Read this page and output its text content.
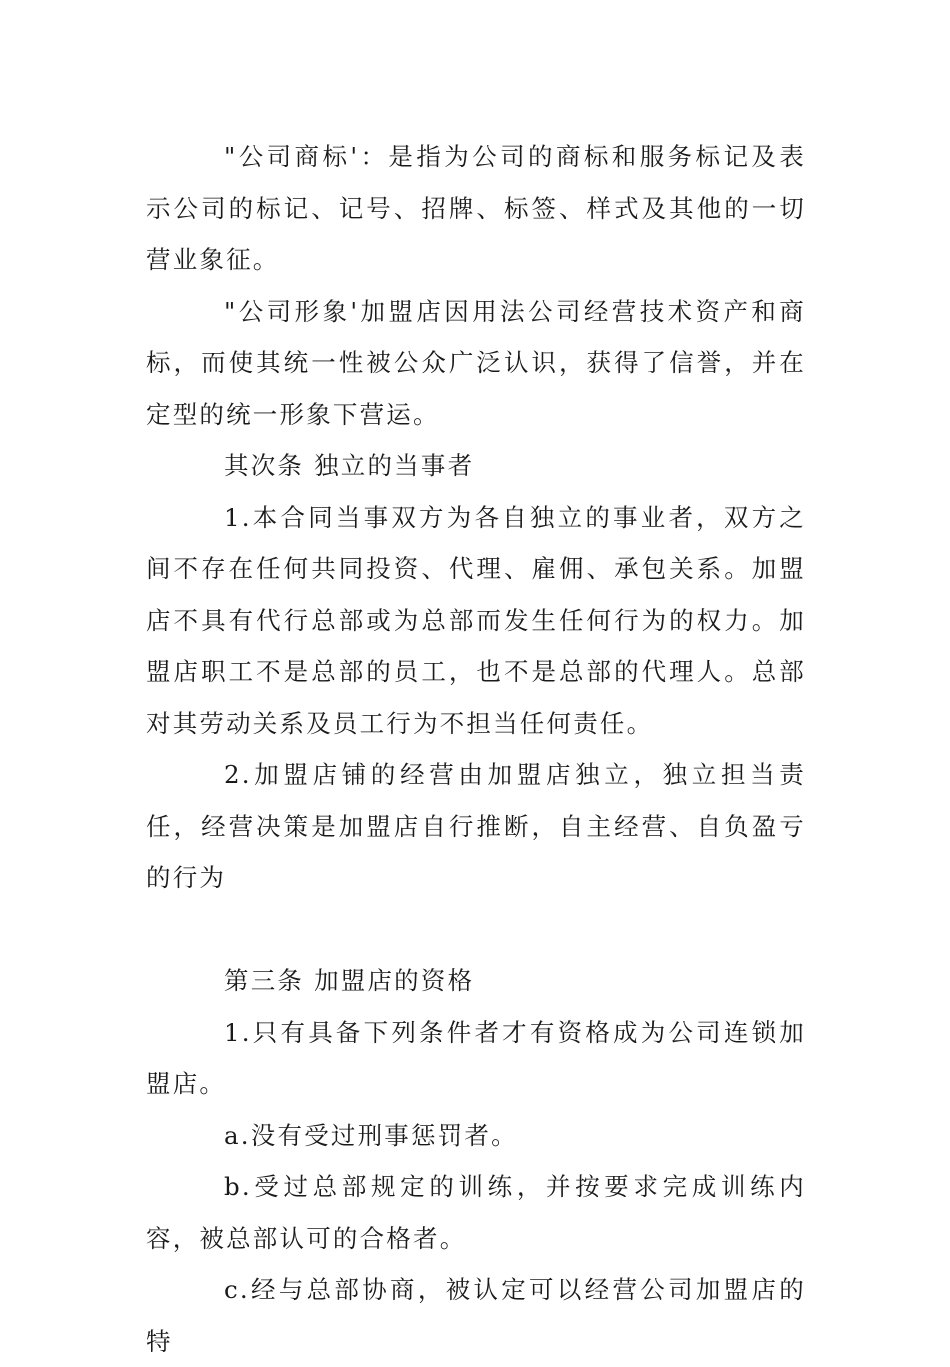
"公司商标'：是指为公司的商标和服务标记及表示公司的标记、记号、招牌、标签、样式及其他的一切营业象征。

"公司形象'加盟店因用法公司经营技术资产和商标，而使其统一性被公众广泛认识，获得了信誉，并在定型的统一形象下营运。

其次条 独立的当事者

1.本合同当事双方为各自独立的事业者，双方之间不存在任何共同投资、代理、雇佣、承包关系。加盟店不具有代行总部或为总部而发生任何行为的权力。加盟店职工不是总部的员工，也不是总部的代理人。总部对其劳动关系及员工行为不担当任何责任。

2.加盟店铺的经营由加盟店独立，独立担当责任，经营决策是加盟店自行推断，自主经营、自负盈亏的行为

第三条 加盟店的资格

1.只有具备下列条件者才有资格成为公司连锁加盟店。

a.没有受过刑事惩罚者。

b.受过总部规定的训练，并按要求完成训练内容，被总部认可的合格者。

c.经与总部协商，被认定可以经营公司加盟店的特
